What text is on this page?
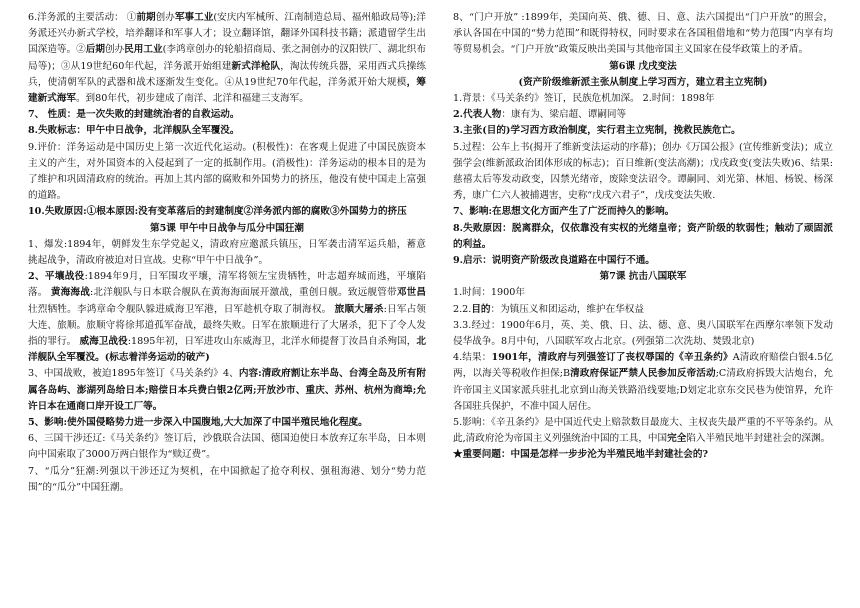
6.洋务派的主要活动： ①前期创办军事工业(安庆内军械所、江南制造总局、福州船政局等);洋务派还兴办新式学校，培养翻译和军事人才；设立翻译馆，翻译外国科技书籍；派遣留学生出国深造等。②后期创办民用工业(李鸿章创办的轮船招商局、张之洞创办的汉阳铁厂、湖北织布局等)；③从19世纪60年代起，洋务派开始组建新式洋枪队，淘汰传统兵器，采用西式兵操练兵，使清朝军队的武器和战术逐渐发生变化。④从19世纪70年代起，洋务派开始大规模，筹建新式海军。到80年代，初步建成了南洋、北洋和福建三支海军。

7、 性质：是一次失败的封建统治者的自救运动。

8.失败标志：甲午中日战争，北洋舰队全军覆没。

9.评价：洋务运动是中国历史上第一次近代化运动。(积极性)：在客观上促进了中国民族资本主义的产生，对外国资本的入侵起到了一定的抵制作用。(消极性)：洋务运动的根本目的是为了维护和巩固清政府的统治。再加上其内部的腐败和外国势力的挤压，他没有使中国走上富强的道路。

10.失败原因:①根本原因:没有变革落后的封建制度②洋务派内部的腐败③外国势力的挤压

第5课 甲午中日战争与瓜分中国狂潮

1、爆发:1894年，朝鲜发生东学党起义，清政府应邀派兵镇压，日军袭击清军运兵船，蓄意挑起战争，清政府被迫对日宣战。史称“甲午中日战争”。

2、平壤战役:1894年9月，日军围攻平壤，清军将领左宝贵牺牲，叶志超弃城而逃，平壤陷落。 黄海海战:北洋舰队与日本联合舰队在黄海海面展开激战，重创日舰。致远舰管带邓世昌壮烈牺牲。李鸿章命令舰队躲进威海卫军港，日军趁机夺取了制海权。 旅顺大屠杀:日军占领大连、旅顺。旅顺守将徐邦道孤军奋战，最终失败。日军在旅顺进行了大屠杀，犯下了令人发指的罪行。 威海卫战役:1895年初，日军进攻山东威海卫，北洋水师提督丁汝昌自杀殉国，北洋舰队全军覆没。(标志着洋务运动的破产)

3、中国战败，被迫1895年签订《马关条约》4、内容:清政府割让东半岛、台湾全岛及所有附属各岛屿、澎湖列岛给日本;赔偿日本兵费白银2亿两;开放沙市、重庆、苏州、杭州为商埠;允许日本在通商口岸开设工厂等。

5、影响:使外国侵略势力进一步深入中国腹地,大大加深了中国半殖民地化程度。

6、三国干涉还辽:《马关条约》签订后，沙俄联合法国、德国迫使日本放弃辽东半岛，日本则向中国索取了3000万两白银作为“赎辽费”。

7、“瓜分”狂潮:列强以干涉还辽为契机，在中国掀起了抢夺利权、强租海港、划分“势力范围”的“瓜分”中国狂潮。

8、“门户开放” :1899年，美国向英、俄、德、日、意、法六国提出“门户开放”的照会，承认各国在中国的“势力范围”和既得特权，同时要求在各国租借地和“势力范围”内享有均等贸易机会。“门户开放”政策反映出美国与其他帝国主义国家在侵华政策上的矛盾。

第6课 戊戌变法

(资产阶级维新派主张从制度上学习西方，建立君主立宪制)

1.背景：《马关条约》签订，民族危机加深。 2.时间：1898年

2.代表人物：康有为、梁启超、谭嗣同等

3.主张(目的)学习西方政治制度，实行君主立宪制，挽救民族危亡。

5.过程：公车上书(揭开了维新变法运动的序幕)；创办《万国公报》(宣传维新变法)；成立强学会(维新派政治团体形成的标志)；百日维新(变法高潮)；戊戌政变(变法失败)6、结果:慈禧太后等发动政变，囚禁光绪帝，废除变法诏令。谭嗣同、刘光第、林旭、杨锐、杨深秀，康广仁六人被捕遇害，史称“戊戌六君子”，戊戌变法失败.

7、影响:在思想文化方面产生了广泛而持久的影响。

8.失败原因：脱离群众，仅依靠没有实权的光绪皇帝；资产阶级的软弱性；触动了顽固派的利益。

9.启示：说明资产阶级改良道路在中国行不通。

第7课 抗击八国联军

1.时间：1900年

2.2.目的：为镇压义和团运动，维护在华权益

3.3.经过：1900年6月，英、美、俄、日、法、德、意、奥八国联军在西摩尔率领下发动侵华战争。8月中旬，八国联军攻占北京。(列强第二次洗劫、焚毁北京)

4.结果：1901年，清政府与列强签订了丧权辱国的《辛丑条约》A清政府赔偿白银4.5亿两，以海关等税收作担保;B清政府保证严禁人民参加反帝活动;C清政府拆毁大沽炮台，允许帝国主义国家派兵驻扎北京到山海关铁路沿线要地;D划定北京东交民巷为使馆界，允许各国驻兵保护，不准中国人居住。

5.影响：《辛丑条约》是中国近代史上赔款数目最庞大、主权丧失最严重的不平等条约。从此,清政府沦为帝国主义列强统治中国的工具，中国完全陷入半殖民地半封建社会的深渊。

★重要问题：中国是怎样一步步沦为半殖民地半封建社会的?
